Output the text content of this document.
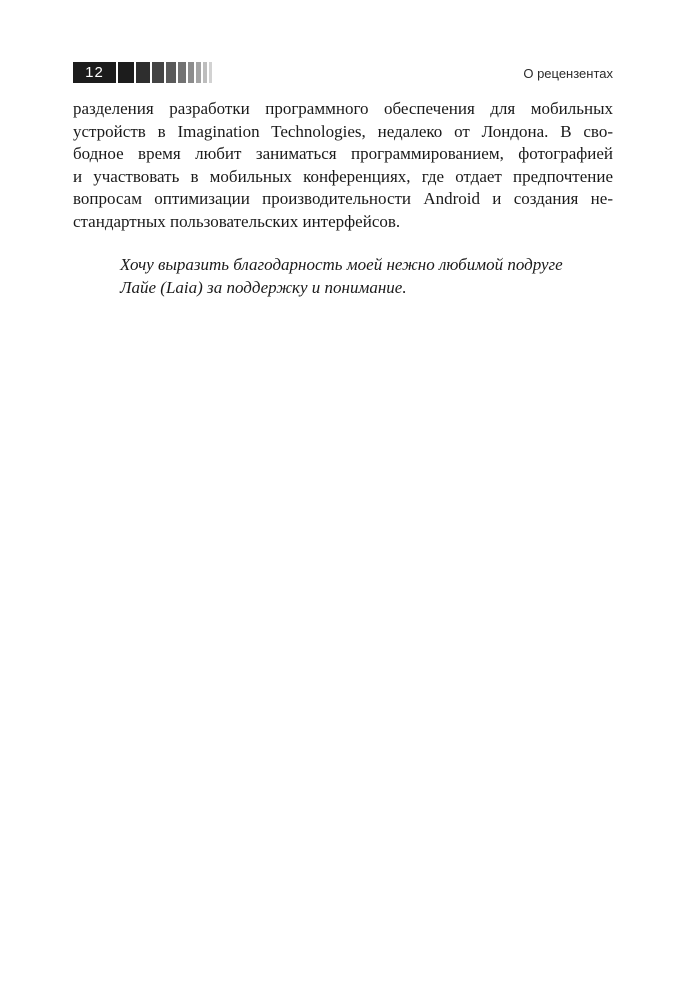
12	О рецензентах

разделения разработки программного обеспечения для мобильных
устройств в Imagination Technologies, недалеко от Лондона. В сво-
бодное время любит заниматься программированием, фотографией
и участвовать в мобильных конференциях, где отдает предпочтение
вопросам оптимизации производительности Android и создания не-
стандартных пользовательских интерфейсов.

Хочу выразить благодарность моей нежно любимой подруге
Лайе (Laia) за поддержку и понимание.
